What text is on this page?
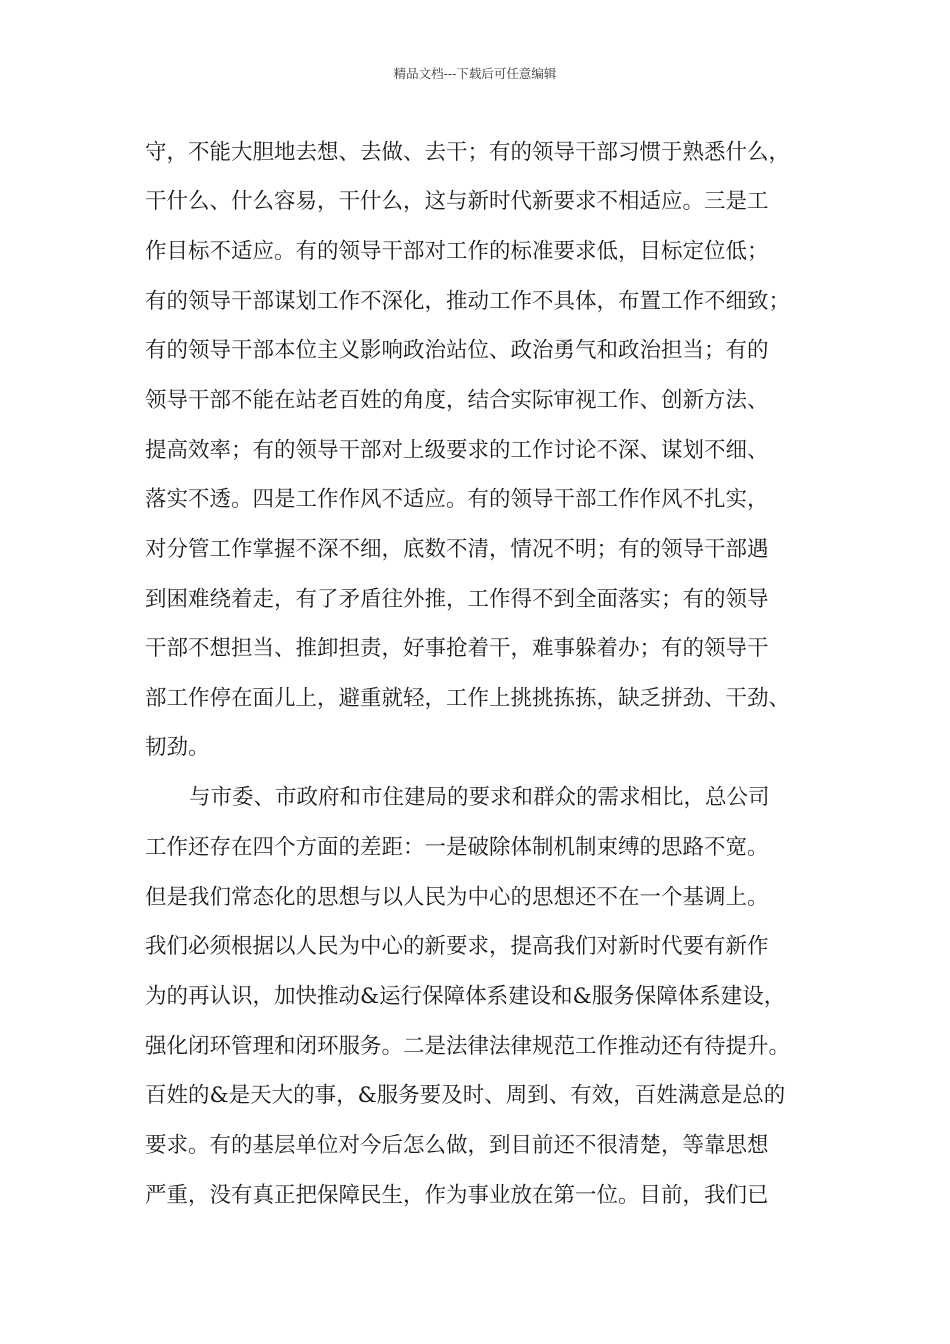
精品文档---下载后可任意编辑
守，不能大胆地去想、去做、去干；有的领导干部习惯于熟悉什么，
干什么、什么容易，干什么，这与新时代新要求不相适应。三是工
作目标不适应。有的领导干部对工作的标准要求低，目标定位低；
有的领导干部谋划工作不深化，推动工作不具体，布置工作不细致；
有的领导干部本位主义影响政治站位、政治勇气和政治担当；有的
领导干部不能在站老百姓的角度，结合实际审视工作、创新方法、
提高效率；有的领导干部对上级要求的工作讨论不深、谋划不细、
落实不透。四是工作作风不适应。有的领导干部工作作风不扎实，
对分管工作掌握不深不细，底数不清，情况不明；有的领导干部遇
到困难绕着走，有了矛盾往外推，工作得不到全面落实；有的领导
干部不想担当、推卸担责，好事抢着干，难事躲着办；有的领导干
部工作停在面儿上，避重就轻，工作上挑挑拣拣，缺乏拼劲、干劲、
韧劲。
与市委、市政府和市住建局的要求和群众的需求相比，总公司
工作还存在四个方面的差距：一是破除体制机制束缚的思路不宽。
但是我们常态化的思想与以人民为中心的思想还不在一个基调上。
我们必须根据以人民为中心的新要求，提高我们对新时代要有新作
为的再认识，加快推动&运行保障体系建设和&服务保障体系建设，
强化闭环管理和闭环服务。二是法律法律规范工作推动还有待提升。
百姓的&是天大的事，&服务要及时、周到、有效，百姓满意是总的
要求。有的基层单位对今后怎么做，到目前还不很清楚，等靠思想
严重，没有真正把保障民生，作为事业放在第一位。目前，我们已
